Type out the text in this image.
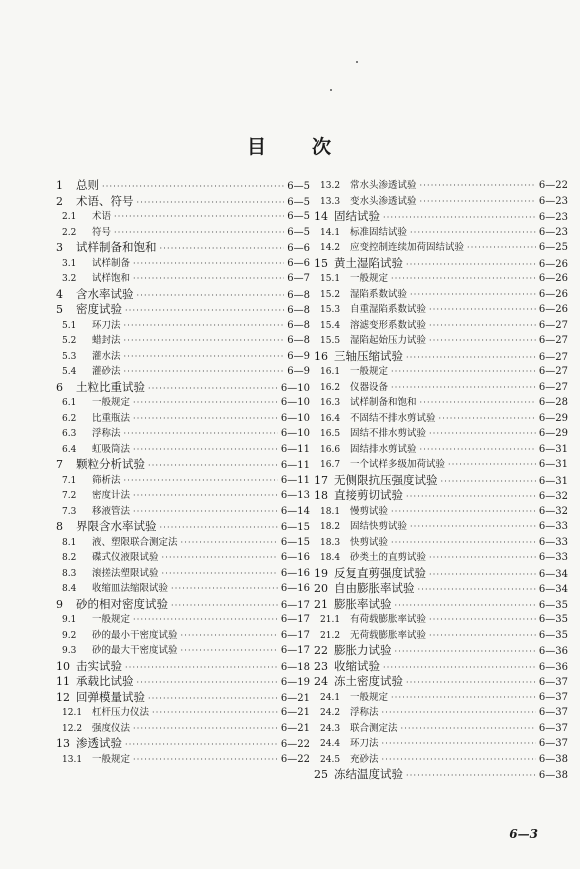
目 次
1	总则 ·····	6—5
2	术语、符号 ·····	6—5
2.1	术语 ·····	6—5
2.2	符号 ·····	6—5
3	试样制备和饱和 ·····	6—6
3.1	试样制备 ·····	6—6
3.2	试样饱和 ·····	6—7
4	含水率试验 ·····	6—8
5	密度试验 ·····	6—8
5.1	环刀法 ·····	6—8
5.2	蜡封法 ·····	6—8
5.3	灌水法 ·····	6—9
5.4	灌砂法 ·····	6—9
6	土粒比重试验 ·····	6—10
6.1	一般规定 ·····	6—10
6.2	比重瓶法 ·····	6—10
6.3	浮称法 ·····	6—10
6.4	虹吸筒法 ·····	6—11
7	颗粒分析试验 ·····	6—11
7.1	筛析法 ·····	6—11
7.2	密度计法 ·····	6—13
7.3	移液管法 ·····	6—14
8	界限含水率试验 ·····	6—15
8.1	液、塑限联合测定法 ·····	6—15
8.2	碟式仪液限试验 ·····	6—16
8.3	滚搓法塑限试验 ·····	6—16
8.4	收缩皿法缩限试验 ·····	6—16
9	砂的相对密度试验 ·····	6—17
9.1	一般规定 ·····	6—17
9.2	砂的最小干密度试验 ·····	6—17
9.3	砂的最大干密度试验 ·····	6—17
10 击实试验 ·····	6—18
11 承载比试验 ·····	6—19
12 回弹模量试验 ·····	6—21
12.1	杠杆压力仪法 ·····	6—21
12.2	强度仪法 ·····	6—21
13 渗透试验 ·····	6—22
13.1	一般规定 ·····	6—22
13.2	常水头渗透试验 ·····	6—22
13.3	变水头渗透试验 ·····	6—23
14 固结试验 ·····	6—23
14.1	标准固结试验 ·····	6—23
14.2	应变控制连续加荷固结试验 ·····	6—25
15 黄土湿陷试验 ·····	6—26
15.1	一般规定 ·····	6—26
15.2	湿陷系数试验 ·····	6—26
15.3	自重湿陷系数试验 ·····	6—26
15.4	溶滤变形系数试验 ·····	6—27
15.5	湿陷起始压力试验 ·····	6—27
16 三轴压缩试验 ·····	6—27
16.1	一般规定 ·····	6—27
16.2	仪器设备 ·····	6—27
16.3	试样制备和饱和 ·····	6—28
16.4	不固结不排水剪试验 ·····	6—29
16.5	固结不排水剪试验 ·····	6—29
16.6	固结排水剪试验 ·····	6—31
16.7	一个试样多级加荷试验 ·····	6—31
17 无侧限抗压强度试验 ·····	6—31
18 直接剪切试验 ·····	6—32
18.1	慢剪试验 ·····	6—32
18.2	固结快剪试验 ·····	6—33
18.3	快剪试验 ·····	6—33
18.4	砂类土的直剪试验 ·····	6—33
19 反复直剪强度试验 ·····	6—34
20 自由膨胀率试验 ·····	6—34
21 膨胀率试验 ·····	6—35
21.1	有荷载膨胀率试验 ·····	6—35
21.2	无荷载膨胀率试验 ·····	6—35
22 膨胀力试验 ·····	6—36
23 收缩试验 ·····	6—36
24 冻土密度试验 ·····	6—37
24.1	一般规定 ·····	6—37
24.2	浮称法 ·····	6—37
24.3	联合测定法 ·····	6—37
24.4	环刀法 ·····	6—37
24.5	充砂法 ·····	6—38
25 冻结温度试验 ·····	6—38
6—3
